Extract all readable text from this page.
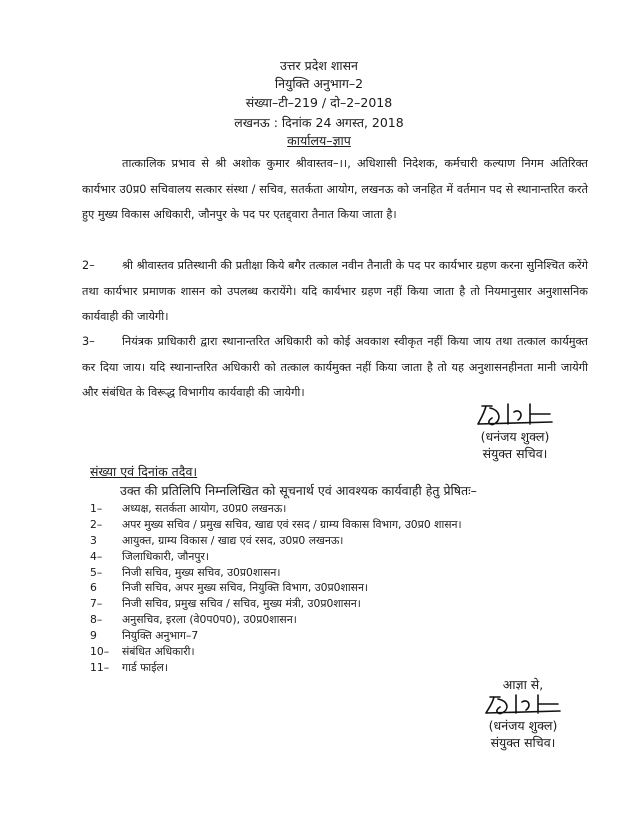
उत्तर प्रदेश शासन
नियुक्ति अनुभाग–2
संख्या–टी–219 / दो–2–2018
लखनऊ : दिनांक 24 अगस्त, 2018
कार्यालय–ज्ञाप
तात्कालिक प्रभाव से श्री अशोक कुमार श्रीवास्तव–।।, अधिशासी निदेशक, कर्मचारी कल्याण निगम अतिरिक्त कार्यभार उ0प्र0 सचिवालय सत्कार संस्था / सचिव, सतर्कता आयोग, लखनऊ को जनहित में वर्तमान पद से स्थानान्तरित करते हुए मुख्य विकास अधिकारी, जौनपुर के पद पर एतद्द्वारा तैनात किया जाता है।
2– श्री श्रीवास्तव प्रतिस्थानी की प्रतीक्षा किये बगैर तत्काल नवीन तैनाती के पद पर कार्यभार ग्रहण करना सुनिश्चित करेंगे तथा कार्यभार प्रमाणक शासन को उपलब्ध करायेंगे। यदि कार्यभार ग्रहण नहीं किया जाता है तो नियमानुसार अनुशासनिक कार्यवाही की जायेगी।
3– नियंत्रक प्राधिकारी द्वारा स्थानान्तरित अधिकारी को कोई अवकाश स्वीकृत नहीं किया जाय तथा तत्काल कार्यमुक्त कर दिया जाय। यदि स्थानान्तरित अधिकारी को तत्काल कार्यमुक्त नहीं किया जाता है तो यह अनुशासनहीनता मानी जायेगी और संबंधित के विरूद्ध विभागीय कार्यवाही की जायेगी।
(धनंजय शुक्ल)
संयुक्त सचिव।
संख्या एवं दिनांक तदैव।
उक्त की प्रतिलिपि निम्नलिखित को सूचनार्थ एवं आवश्यक कार्यवाही हेतु प्रेषितः–
1– अध्यक्ष, सतर्कता आयोग, उ0प्र0 लखनऊ।
2– अपर मुख्य सचिव / प्रमुख सचिव, खाद्य एवं रसद / ग्राम्य विकास विभाग, उ0प्र0 शासन।
3 आयुक्त, ग्राम्य विकास / खाद्य एवं रसद, उ0प्र0 लखनऊ।
4– जिलाधिकारी, जौनपुर।
5– निजी सचिव, मुख्य सचिव, उ0प्र0शासन।
6 निजी सचिव, अपर मुख्य सचिव, नियुक्ति विभाग, उ0प्र0शासन।
7– निजी सचिव, प्रमुख सचिव / सचिव, मुख्य मंत्री, उ0प्र0शासन।
8– अनुसचिव, इरला (वे0प0प0), उ0प्र0शासन।
9 नियुक्ति अनुभाग–7
10– संबंधित अधिकारी।
11– गार्ड फाईल।
आज्ञा से,
(धनंजय शुक्ल)
संयुक्त सचिव।
